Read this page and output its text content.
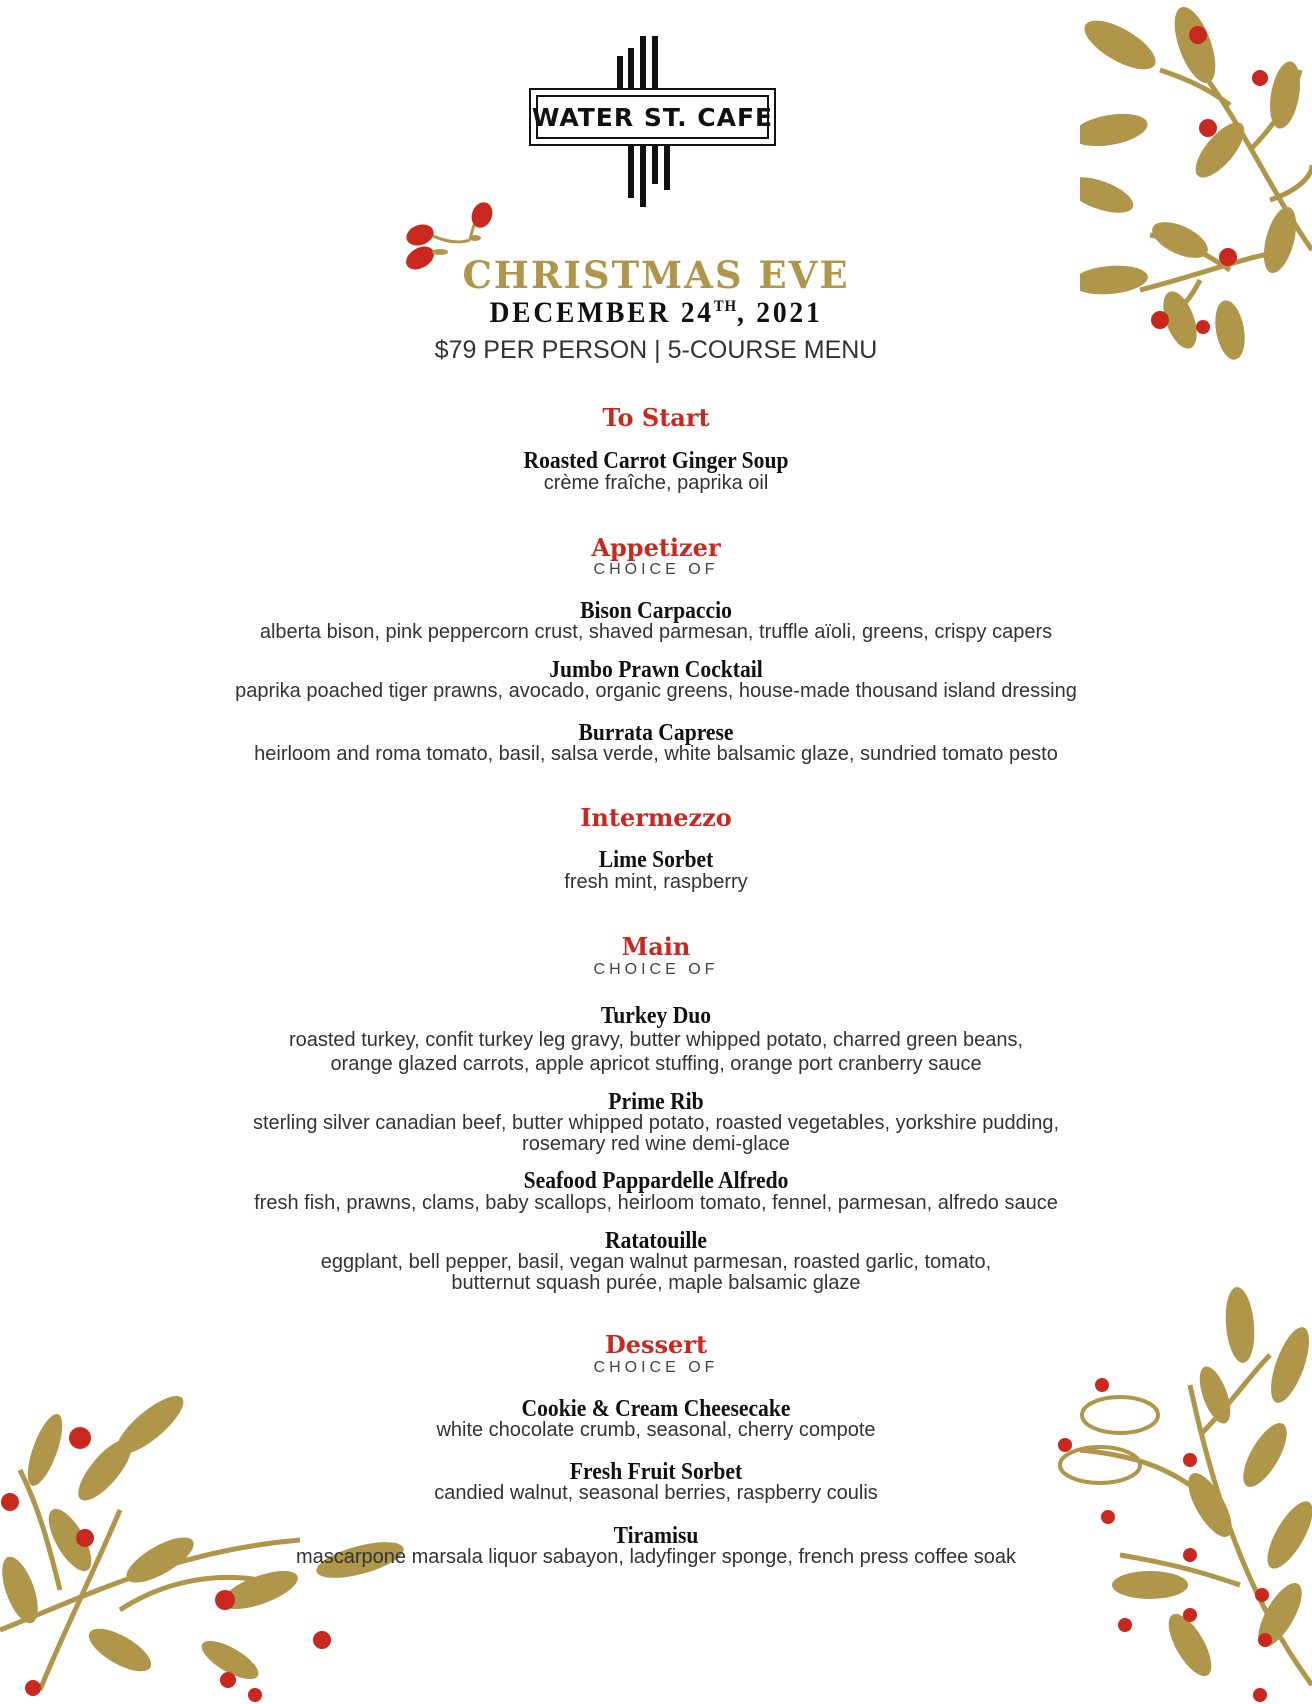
WATER ST. CAFE
CHRISTMAS EVE
DECEMBER 24TH, 2021
$79 PER PERSON | 5-COURSE MENU
To Start
Roasted Carrot Ginger Soup
crème fraîche, paprika oil
Appetizer
CHOICE OF
Bison Carpaccio
alberta bison, pink peppercorn crust, shaved parmesan, truffle aïoli, greens, crispy capers
Jumbo Prawn Cocktail
paprika poached tiger prawns, avocado, organic greens, house-made thousand island dressing
Burrata Caprese
heirloom and roma tomato, basil, salsa verde, white balsamic glaze, sundried tomato pesto
Intermezzo
Lime Sorbet
fresh mint, raspberry
Main
CHOICE OF
Turkey Duo
roasted turkey, confit turkey leg gravy, butter whipped potato, charred green beans,
orange glazed carrots, apple apricot stuffing, orange port cranberry sauce
Prime Rib
sterling silver canadian beef, butter whipped potato, roasted vegetables, yorkshire pudding,
rosemary red wine demi-glace
Seafood Pappardelle Alfredo
fresh fish, prawns, clams, baby scallops, heirloom tomato, fennel, parmesan, alfredo sauce
Ratatouille
eggplant, bell pepper, basil, vegan walnut parmesan, roasted garlic, tomato,
butternut squash purée, maple balsamic glaze
Dessert
CHOICE OF
Cookie & Cream Cheesecake
white chocolate crumb, seasonal, cherry compote
Fresh Fruit Sorbet
candied walnut, seasonal berries, raspberry coulis
Tiramisu
mascarpone marsala liquor sabayon, ladyfinger sponge, french press coffee soak
